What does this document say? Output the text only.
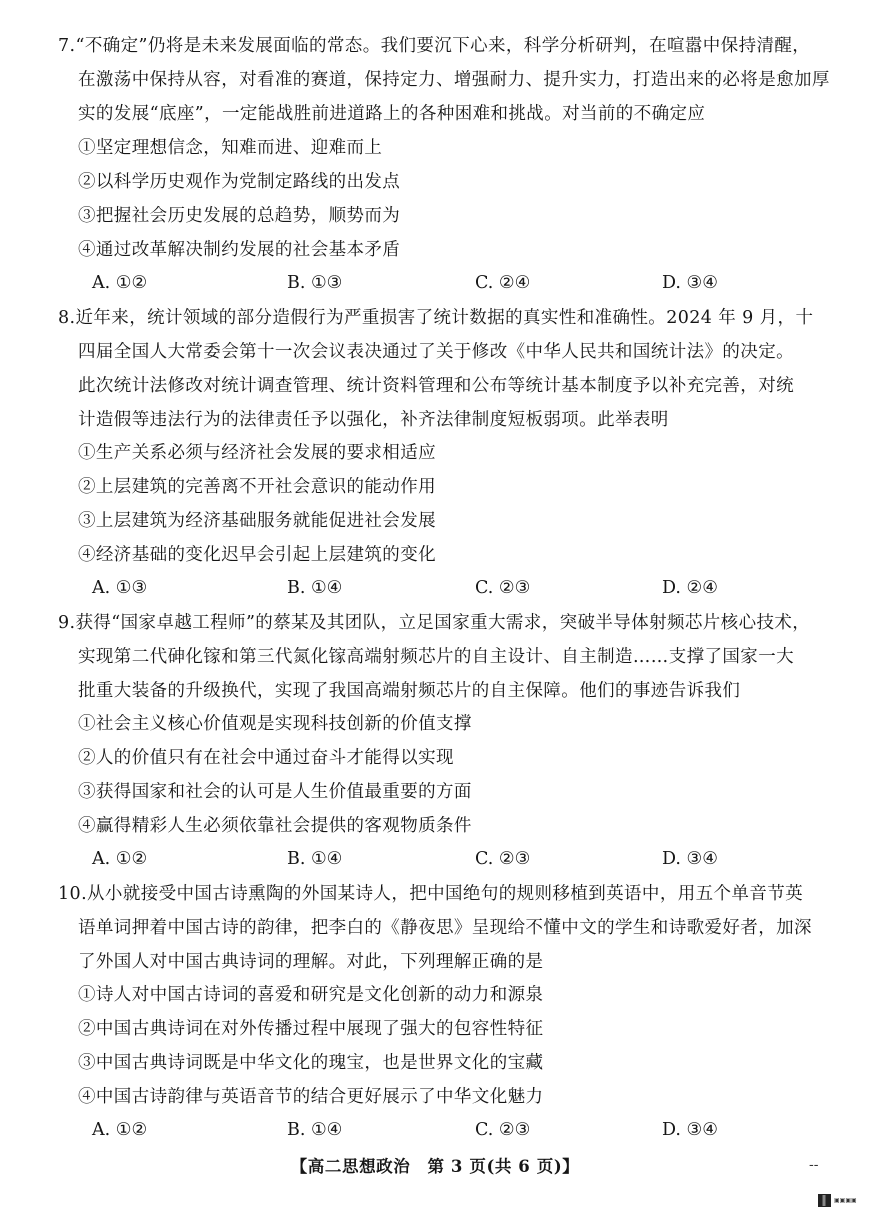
7.“不确定”仍将是未来发展面临的常态。我们要沉下心来，科学分析研判，在喧嚣中保持清醒，
在激荡中保持从容，对看准的赛道，保持定力、增强耐力、提升实力，打造出来的必将是愈加厚
实的发展“底座”，一定能战胜前进道路上的各种困难和挑战。对当前的不确定应
①坚定理想信念，知难而进、迎难而上
②以科学历史观作为党制定路线的出发点
③把握社会历史发展的总趋势，顺势而为
④通过改革解决制约发展的社会基本矛盾
A. ①②	B. ①③	C. ②④	D. ③④
8.近年来，统计领域的部分造假行为严重损害了统计数据的真实性和准确性。2024 年 9 月，十
四届全国人大常委会第十一次会议表决通过了关于修改《中华人民共和国统计法》的决定。
此次统计法修改对统计调查管理、统计资料管理和公布等统计基本制度予以补充完善，对统
计造假等违法行为的法律责任予以强化，补齐法律制度短板弱项。此举表明
①生产关系必须与经济社会发展的要求相适应
②上层建筑的完善离不开社会意识的能动作用
③上层建筑为经济基础服务就能促进社会发展
④经济基础的变化迟早会引起上层建筑的变化
A. ①③	B. ①④	C. ②③	D. ②④
9.获得“国家卓越工程师”的蔡某及其团队，立足国家重大需求，突破半导体射频芯片核心技术，
实现第二代砷化镓和第三代氮化镓高端射频芯片的自主设计、自主制造……支撑了国家一大
批重大装备的升级换代，实现了我国高端射频芯片的自主保障。他们的事迹告诉我们
①社会主义核心价值观是实现科技创新的价值支撑
②人的价值只有在社会中通过奋斗才能得以实现
③获得国家和社会的认可是人生价值最重要的方面
④赢得精彩人生必须依靠社会提供的客观物质条件
A. ①②	B. ①④	C. ②③	D. ③④
10.从小就接受中国古诗熏陶的外国某诗人，把中国绝句的规则移植到英语中，用五个单音节英
语单词押着中国古诗的韵律，把李白的《静夜思》呈现给不懂中文的学生和诗歌爱好者，加深
了外国人对中国古典诗词的理解。对此，下列理解正确的是
①诗人对中国古诗词的喜爱和研究是文化创新的动力和源泉
②中国古典诗词在对外传播过程中展现了强大的包容性特征
③中国古典诗词既是中华文化的瑰宝，也是世界文化的宝藏
④中国古诗韵律与英语音节的结合更好展示了中华文化魅力
A. ①②	B. ①④	C. ②③	D. ③④
【高二思想政治　第 3 页(共 6 页)】	--
▣▣▣▣
